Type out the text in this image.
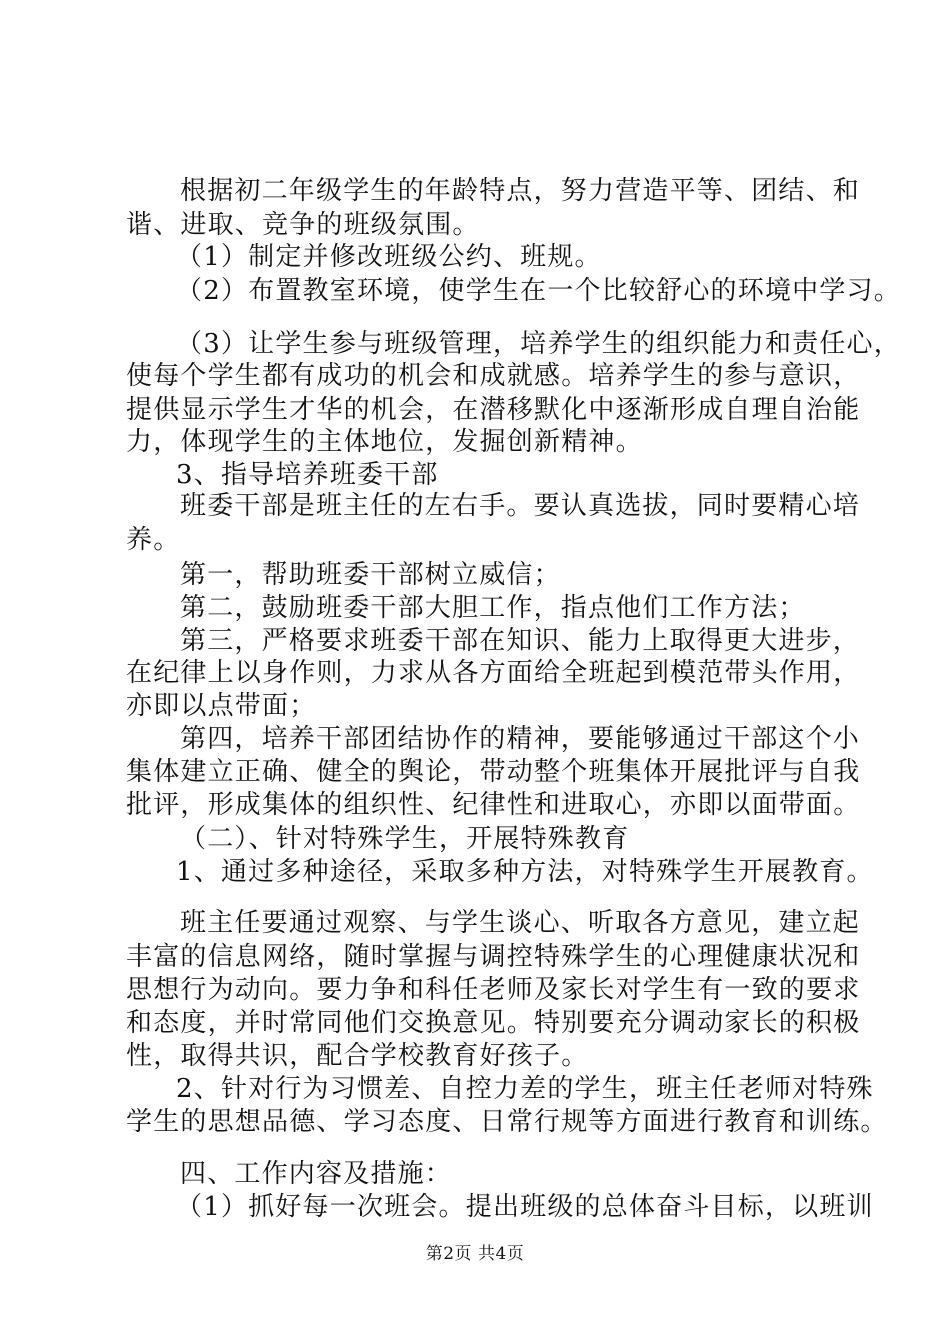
根据初二年级学生的年龄特点，努力营造平等、团结、和
谐、进取、竞争的班级氛围。
（1）制定并修改班级公约、班规。
（2）布置教室环境，使学生在一个比较舒心的环境中学习。
（3）让学生参与班级管理，培养学生的组织能力和责任心，
使每个学生都有成功的机会和成就感。培养学生的参与意识，
提供显示学生才华的机会，在潜移默化中逐渐形成自理自治能
力，体现学生的主体地位，发掘创新精神。
3、指导培养班委干部
班委干部是班主任的左右手。要认真选拔，同时要精心培
养。
第一，帮助班委干部树立威信；
第二，鼓励班委干部大胆工作，指点他们工作方法；
第三，严格要求班委干部在知识、能力上取得更大进步，
在纪律上以身作则，力求从各方面给全班起到模范带头作用，
亦即以点带面；
第四，培养干部团结协作的精神，要能够通过干部这个小
集体建立正确、健全的舆论，带动整个班集体开展批评与自我
批评，形成集体的组织性、纪律性和进取心，亦即以面带面。
（二）、针对特殊学生，开展特殊教育
1、通过多种途径，采取多种方法，对特殊学生开展教育。
班主任要通过观察、与学生谈心、听取各方意见，建立起
丰富的信息网络，随时掌握与调控特殊学生的心理健康状况和
思想行为动向。要力争和科任老师及家长对学生有一致的要求
和态度，并时常同他们交换意见。特别要充分调动家长的积极
性，取得共识，配合学校教育好孩子。
2、针对行为习惯差、自控力差的学生，班主任老师对特殊
学生的思想品德、学习态度、日常行规等方面进行教育和训练。
四、工作内容及措施：
（1）抓好每一次班会。提出班级的总体奋斗目标，以班训
第2页 共4页
